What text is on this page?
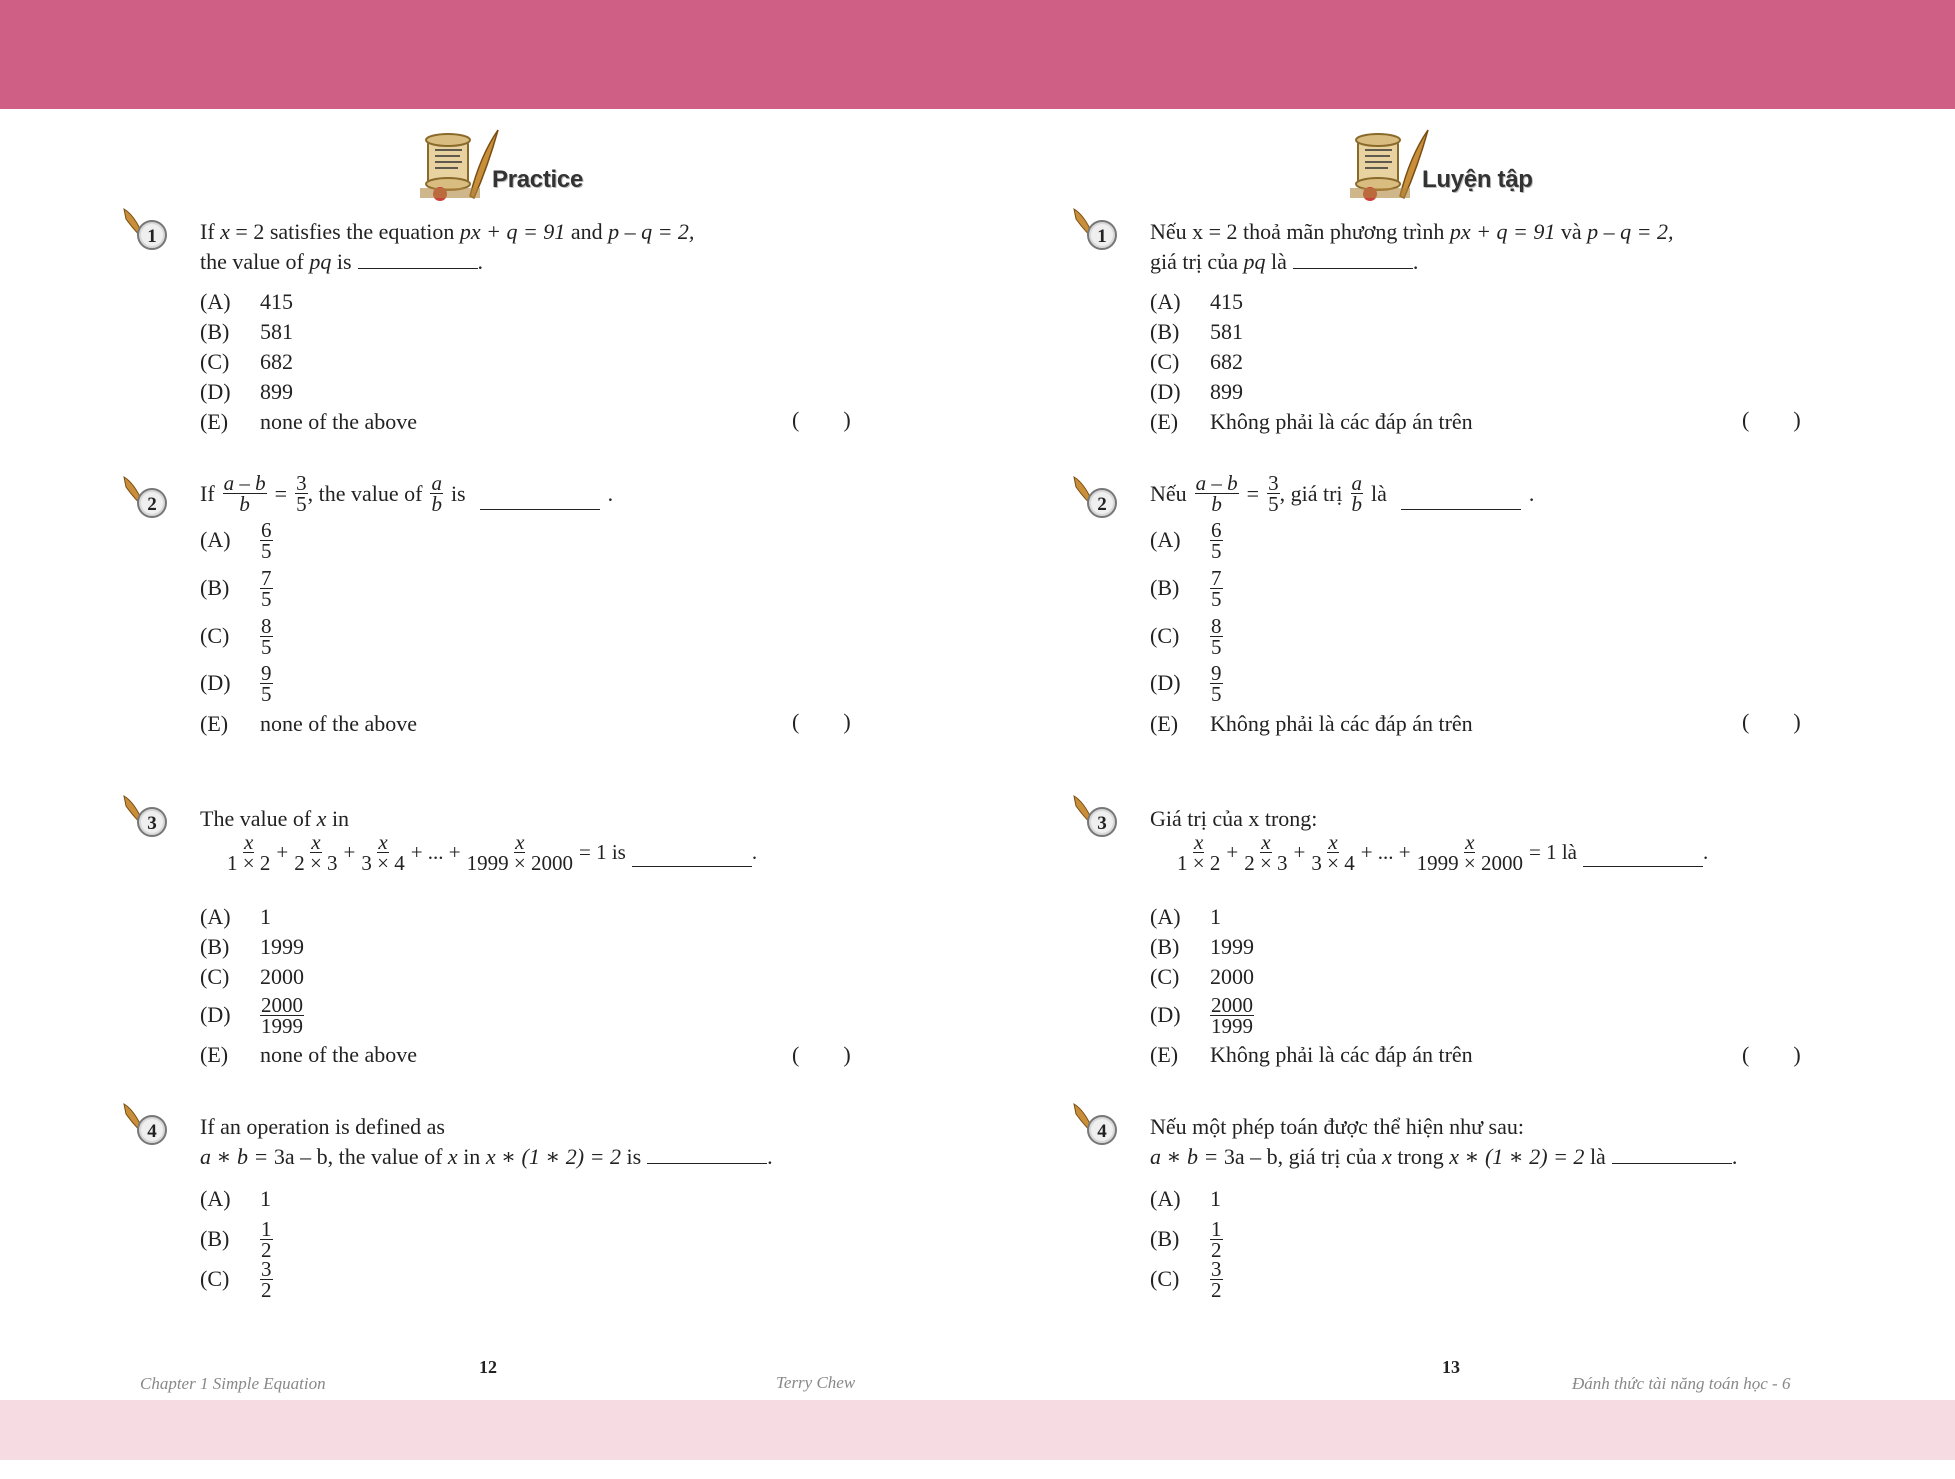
Practice
1 If x = 2 satisfies the equation px + q = 91 and p – q = 2,
the value of pq is	.
(A)	415
(B)	581
(C)	682
(D)	899
(E)	none of the above	(        )
2 If $\frac{a - b}{b} = \frac{3}{5}$ , the value of $\frac{a}{b}$ is	.
(A)	$\frac{6}{5}$
(B)	$\frac{7}{5}$
(C)	$\frac{8}{5}$
(D)	$\frac{9}{5}$
(E)	none of the above	(        )
3 The value of x in
$\frac{x}{1 \times 2} + \frac{x}{2 \times 3} + \frac{x}{3 \times 4}$ + ... + $\frac{x}{1999 \times 2000} = 1$ is	.
(A)	1
(B)	1999
(C)	2000
(D)	$\frac{2000}{1999}$
(E)	none of the above	(        )
4 If an operation is defined as
a ∗ b = 3a – b, the value of x in x ∗ (1 ∗ 2) = 2 is	.
(A)	1
(B)	$\frac{1}{2}$
(C)	$\frac{3}{2}$
Chapter 1 Simple Equation
12
Terry Chew
Luyện tập
1 Nếu x = 2 thoả mãn phương trình px + q = 91 và p – q = 2,
giá trị của pq là	.
(A)	415
(B)	581
(C)	682
(D)	899
(E)	Không phải là các đáp án trên	(        )
2 Nếu $\frac{a - b}{b} = \frac{3}{5}$ , giá trị $\frac{a}{b}$ là	.
(A)	$\frac{6}{5}$
(B)	$\frac{7}{5}$
(C)	$\frac{8}{5}$
(D)	$\frac{9}{5}$
(E)	Không phải là các đáp án trên	(        )
3 Giá trị của x trong:
$\frac{x}{1 \times 2} + \frac{x}{2 \times 3} + \frac{x}{3 \times 4}$ + ... + $\frac{x}{1999 \times 2000} = 1$ là	.
(A)	1
(B)	1999
(C)	2000
(D)	$\frac{2000}{1999}$
(E)	Không phải là các đáp án trên	(        )
4 Nếu một phép toán được thể hiện như sau:
a ∗ b = 3a – b, giá trị của x trong x ∗ (1 ∗ 2) = 2 là	.
(A)	1
(B)	$\frac{1}{2}$
(C)	$\frac{3}{2}$
13
Đánh thức tài năng toán học - 6
